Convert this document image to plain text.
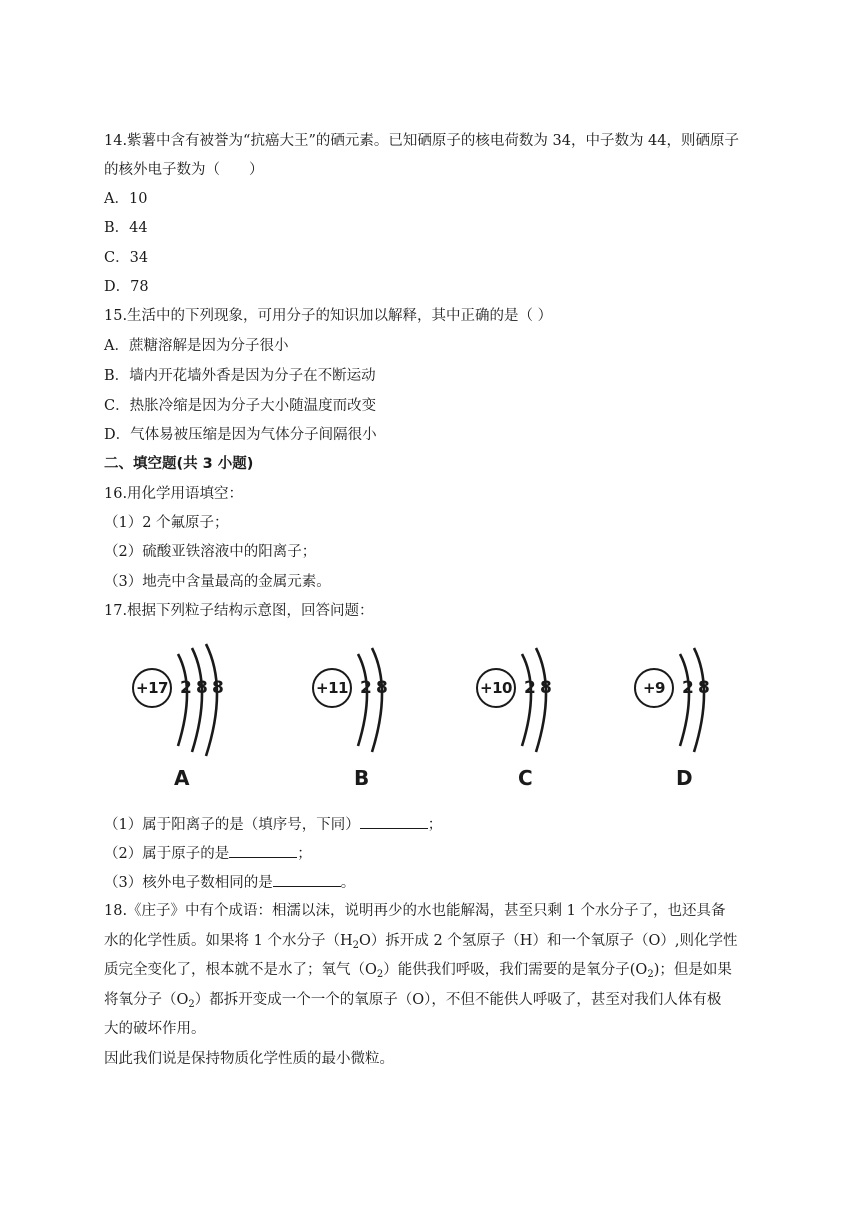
14.紫薯中含有被誉为“抗癌大王”的硒元素。已知硒原子的核电荷数为 34，中子数为 44，则硒原子
的核外电子数为（　　）
A．10
B．44
C．34
D．78
15.生活中的下列现象，可用分子的知识加以解释，其中正确的是（ ）
A．蔗糖溶解是因为分子很小
B．墙内开花墙外香是因为分子在不断运动
C．热胀冷缩是因为分子大小随温度而改变
D．气体易被压缩是因为气体分子间隔很小
二、填空题(共 3 小题)
16.用化学用语填空：
（1）2 个氟原子；
（2）硫酸亚铁溶液中的阳离子；
（3）地壳中含量最高的金属元素。
17.根据下列粒子结构示意图，回答问题：
+17 2 8 8
A
+11 2 8
B
+10 2 8
C
+9	2 8
D
（1）属于阳离子的是（填序号，下同）	；
（2）属于原子的是	；
（3）核外电子数相同的是	。
18.《庄子》中有个成语：相濡以沫，说明再少的水也能解渴，甚至只剩 1 个水分子了，也还具备
水的化学性质。如果将 1 个水分子$(H_2O)$拆开成 2 个氢原子（H）和一个氧原子（O）,则化学性
质完全变化了，根本就不是水了；氧气$(O_2)$能供我们呼吸，我们需要的是氧分子$(O_2)$；但是如果
将氧分子$(O_2)$都拆开变成一个一个的氧原子（O），不但不能供人呼吸了，甚至对我们人体有极
大的破坏作用。
因此我们说是保持物质化学性质的最小微粒。
